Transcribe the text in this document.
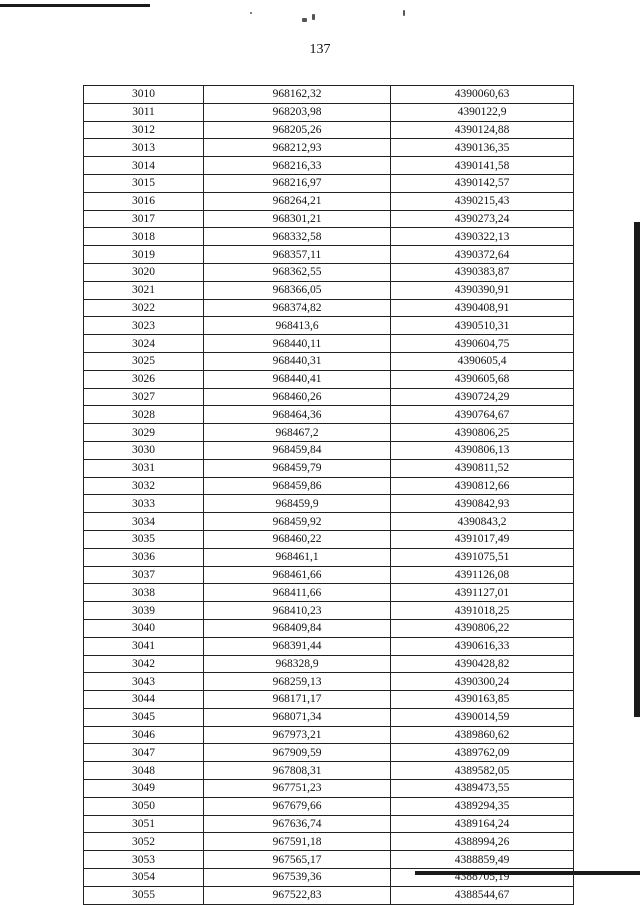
137
3010	968162,32	4390060,63
3011	968203,98	4390122,9
3012	968205,26	4390124,88
3013	968212,93	4390136,35
3014	968216,33	4390141,58
3015	968216,97	4390142,57
3016	968264,21	4390215,43
3017	968301,21	4390273,24
3018	968332,58	4390322,13
3019	968357,11	4390372,64
3020	968362,55	4390383,87
3021	968366,05	4390390,91
3022	968374,82	4390408,91
3023	968413,6	4390510,31
3024	968440,11	4390604,75
3025	968440,31	4390605,4
3026	968440,41	4390605,68
3027	968460,26	4390724,29
3028	968464,36	4390764,67
3029	968467,2	4390806,25
3030	968459,84	4390806,13
3031	968459,79	4390811,52
3032	968459,86	4390812,66
3033	968459,9	4390842,93
3034	968459,92	4390843,2
3035	968460,22	4391017,49
3036	968461,1	4391075,51
3037	968461,66	4391126,08
3038	968411,66	4391127,01
3039	968410,23	4391018,25
3040	968409,84	4390806,22
3041	968391,44	4390616,33
3042	968328,9	4390428,82
3043	968259,13	4390300,24
3044	968171,17	4390163,85
3045	968071,34	4390014,59
3046	967973,21	4389860,62
3047	967909,59	4389762,09
3048	967808,31	4389582,05
3049	967751,23	4389473,55
3050	967679,66	4389294,35
3051	967636,74	4389164,24
3052	967591,18	4388994,26
3053	967565,17	4388859,49
3054	967539,36	4388705,19
3055	967522,83	4388544,67
